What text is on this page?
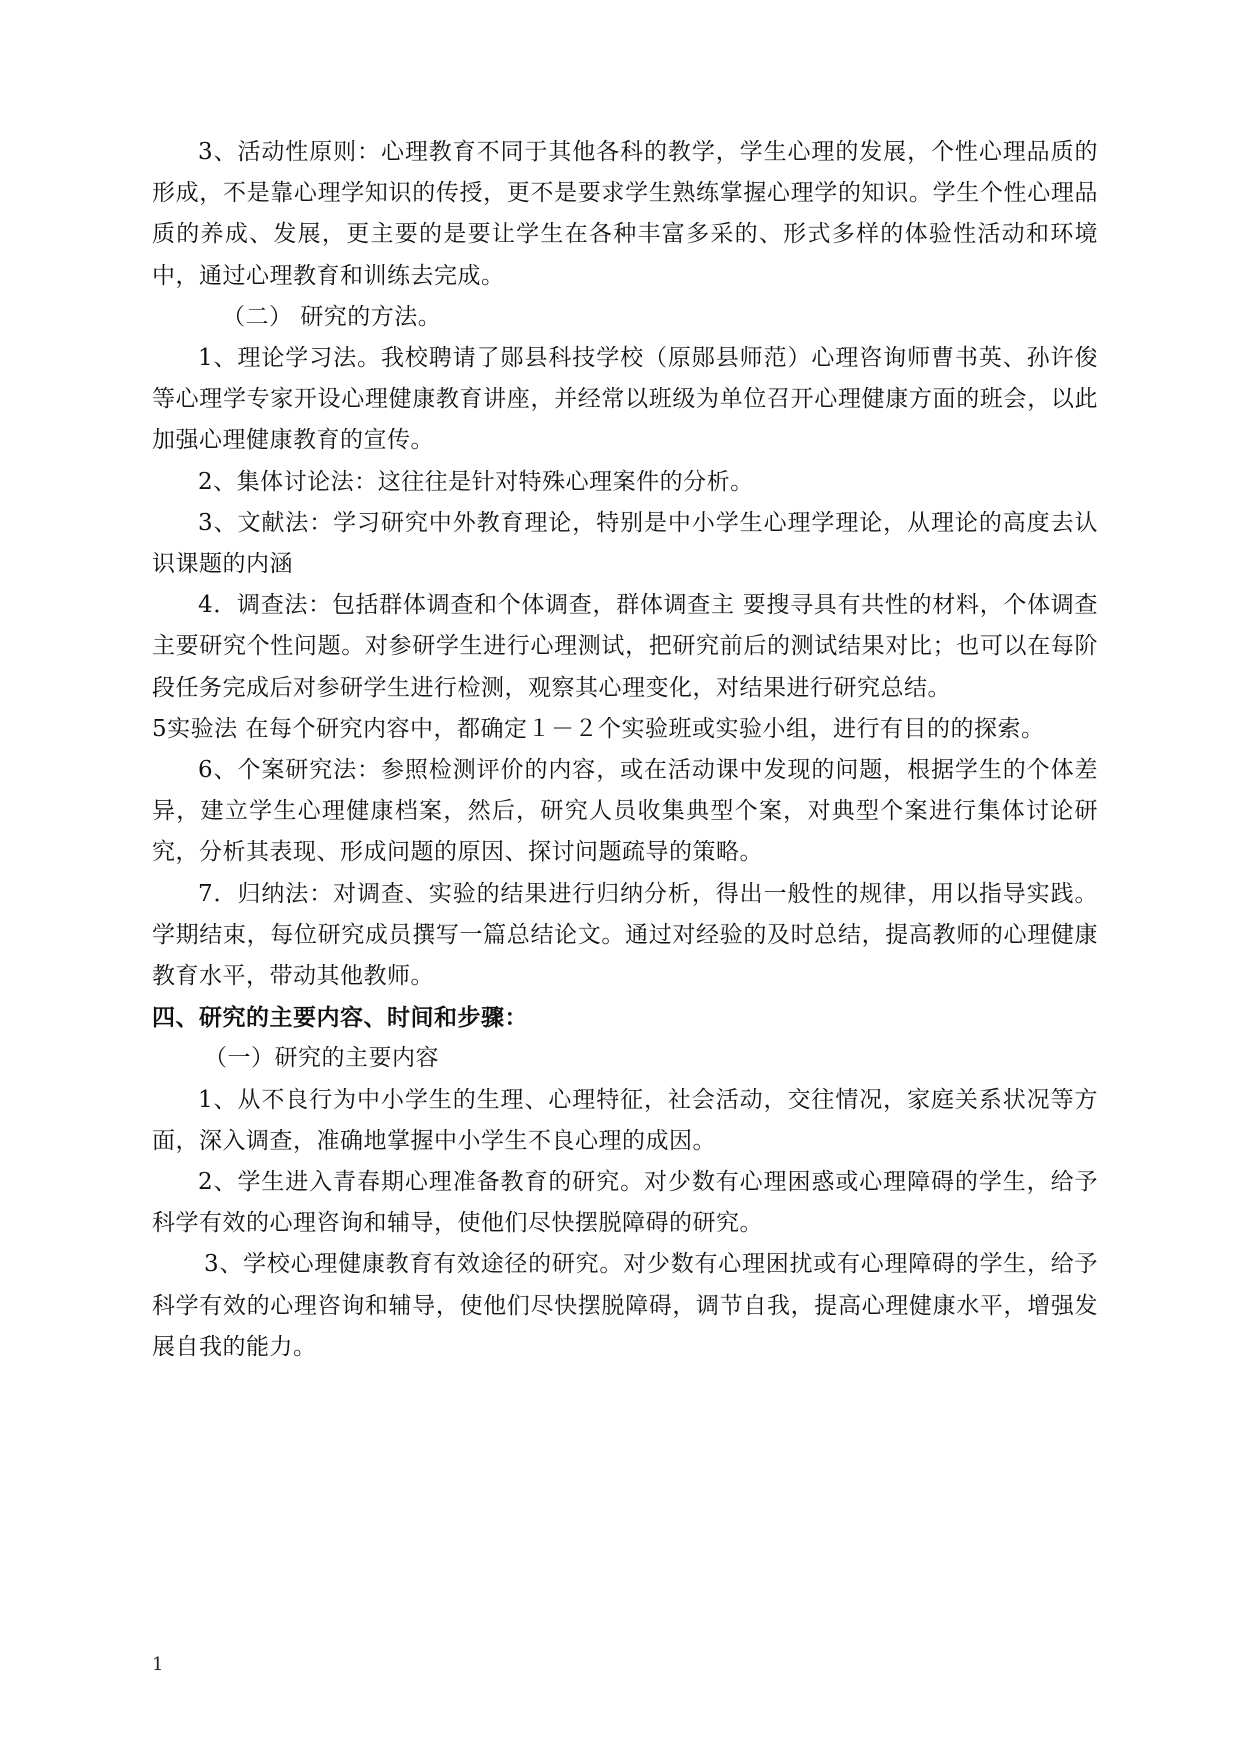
3、活动性原则：心理教育不同于其他各科的教学，学生心理的发展，个性心理品质的形成，不是靠心理学知识的传授，更不是要求学生熟练掌握心理学的知识。学生个性心理品质的养成、发展，更主要的是要让学生在各种丰富多采的、形式多样的体验性活动和环境中，通过心理教育和训练去完成。

（二） 研究的方法。

1、理论学习法。我校聘请了郧县科技学校（原郧县师范）心理咨询师曹书英、孙许俊等心理学专家开设心理健康教育讲座，并经常以班级为单位召开心理健康方面的班会，以此加强心理健康教育的宣传。

2、集体讨论法：这往往是针对特殊心理案件的分析。

3、文献法：学习研究中外教育理论，特别是中小学生心理学理论，从理论的高度去认识课题的内涵

4．调查法：包括群体调查和个体调查，群体调查主 要搜寻具有共性的材料，个体调查主要研究个性问题。对参研学生进行心理测试，把研究前后的测试结果对比；也可以在每阶段任务完成后对参研学生进行检测，观察其心理变化，对结果进行研究总结。

5实验法 在每个研究内容中，都确定１－２个实验班或实验小组，进行有目的的探索。

6、个案研究法：参照检测评价的内容，或在活动课中发现的问题，根据学生的个体差异，建立学生心理健康档案，然后，研究人员收集典型个案，对典型个案进行集体讨论研究，分析其表现、形成问题的原因、探讨问题疏导的策略。

7．归纳法：对调查、实验的结果进行归纳分析，得出一般性的规律，用以指导实践。学期结束，每位研究成员撰写一篇总结论文。通过对经验的及时总结，提高教师的心理健康教育水平，带动其他教师。

四、研究的主要内容、时间和步骤：

（一）研究的主要内容

1、从不良行为中小学生的生理、心理特征，社会活动，交往情况，家庭关系状况等方面，深入调查，准确地掌握中小学生不良心理的成因。

2、学生进入青春期心理准备教育的研究。对少数有心理困惑或心理障碍的学生，给予科学有效的心理咨询和辅导，使他们尽快摆脱障碍的研究。

3、学校心理健康教育有效途径的研究。对少数有心理困扰或有心理障碍的学生，给予科学有效的心理咨询和辅导，使他们尽快摆脱障碍，调节自我，提高心理健康水平，增强发展自我的能力。

1
